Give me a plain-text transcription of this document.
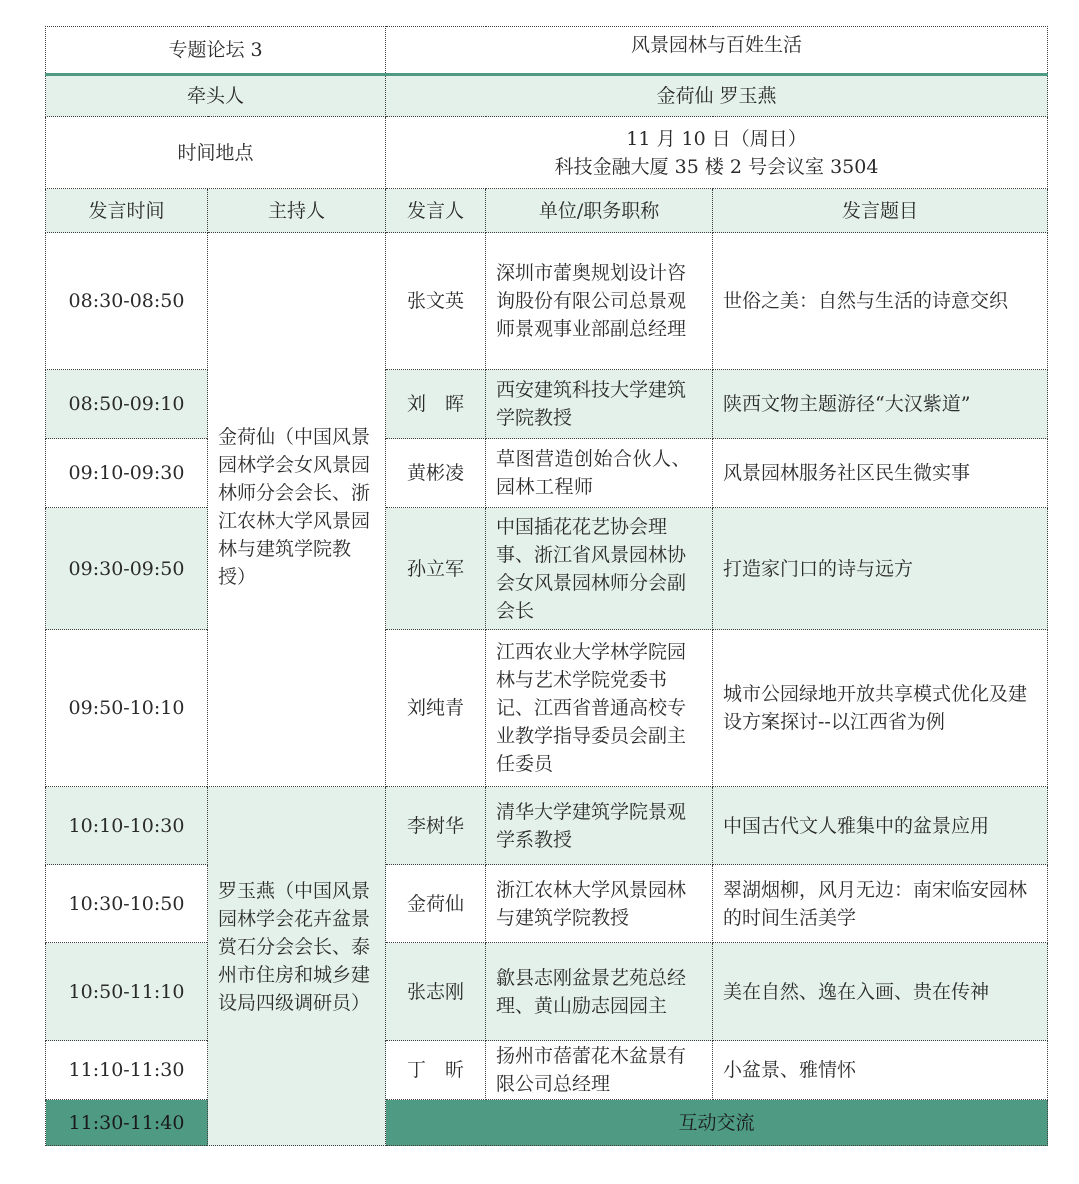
专题论坛 3		风景园林与百姓生活		
牵头人		金荷仙 罗玉燕		
时间地点		11 月 10 日（周日）
科技金融大厦 35 楼 2 号会议室 3504		

发言时间	主持人	发言人	单位/职务职称	发言题目
08:30-08:50	金荷仙（中国风景园林学会女风景园林师分会会长、浙江农林大学风景园林与建筑学院教授）	张文英	深圳市蕾奥规划设计咨询股份有限公司总景观师景观事业部副总经理	世俗之美：自然与生活的诗意交织
08:50-09:10		刘　晖	西安建筑科技大学建筑学院教授	陕西文物主题游径“大汉紫道”
09:10-09:30		黄彬凌	草图营造创始合伙人、园林工程师	风景园林服务社区民生微实事
09:30-09:50		孙立军	中国插花花艺协会理事、浙江省风景园林协会女风景园林师分会副会长	打造家门口的诗与远方
09:50-10:10		刘纯青	江西农业大学林学院园林与艺术学院党委书记、江西省普通高校专业教学指导委员会副主任委员	城市公园绿地开放共享模式优化及建设方案探讨--以江西省为例
10:10-10:30	罗玉燕（中国风景园林学会花卉盆景赏石分会会长、泰州市住房和城乡建设局四级调研员）	李树华	清华大学建筑学院景观学系教授	中国古代文人雅集中的盆景应用
10:30-10:50		金荷仙	浙江农林大学风景园林与建筑学院教授	翠湖烟柳，风月无边：南宋临安园林的时间生活美学
10:50-11:10		张志刚	歙县志刚盆景艺苑总经理、黄山励志园园主	美在自然、逸在入画、贵在传神
11:10-11:30		丁　昕	扬州市蓓蕾花木盆景有限公司总经理	小盆景、雅情怀
11:30-11:40		互动交流		
